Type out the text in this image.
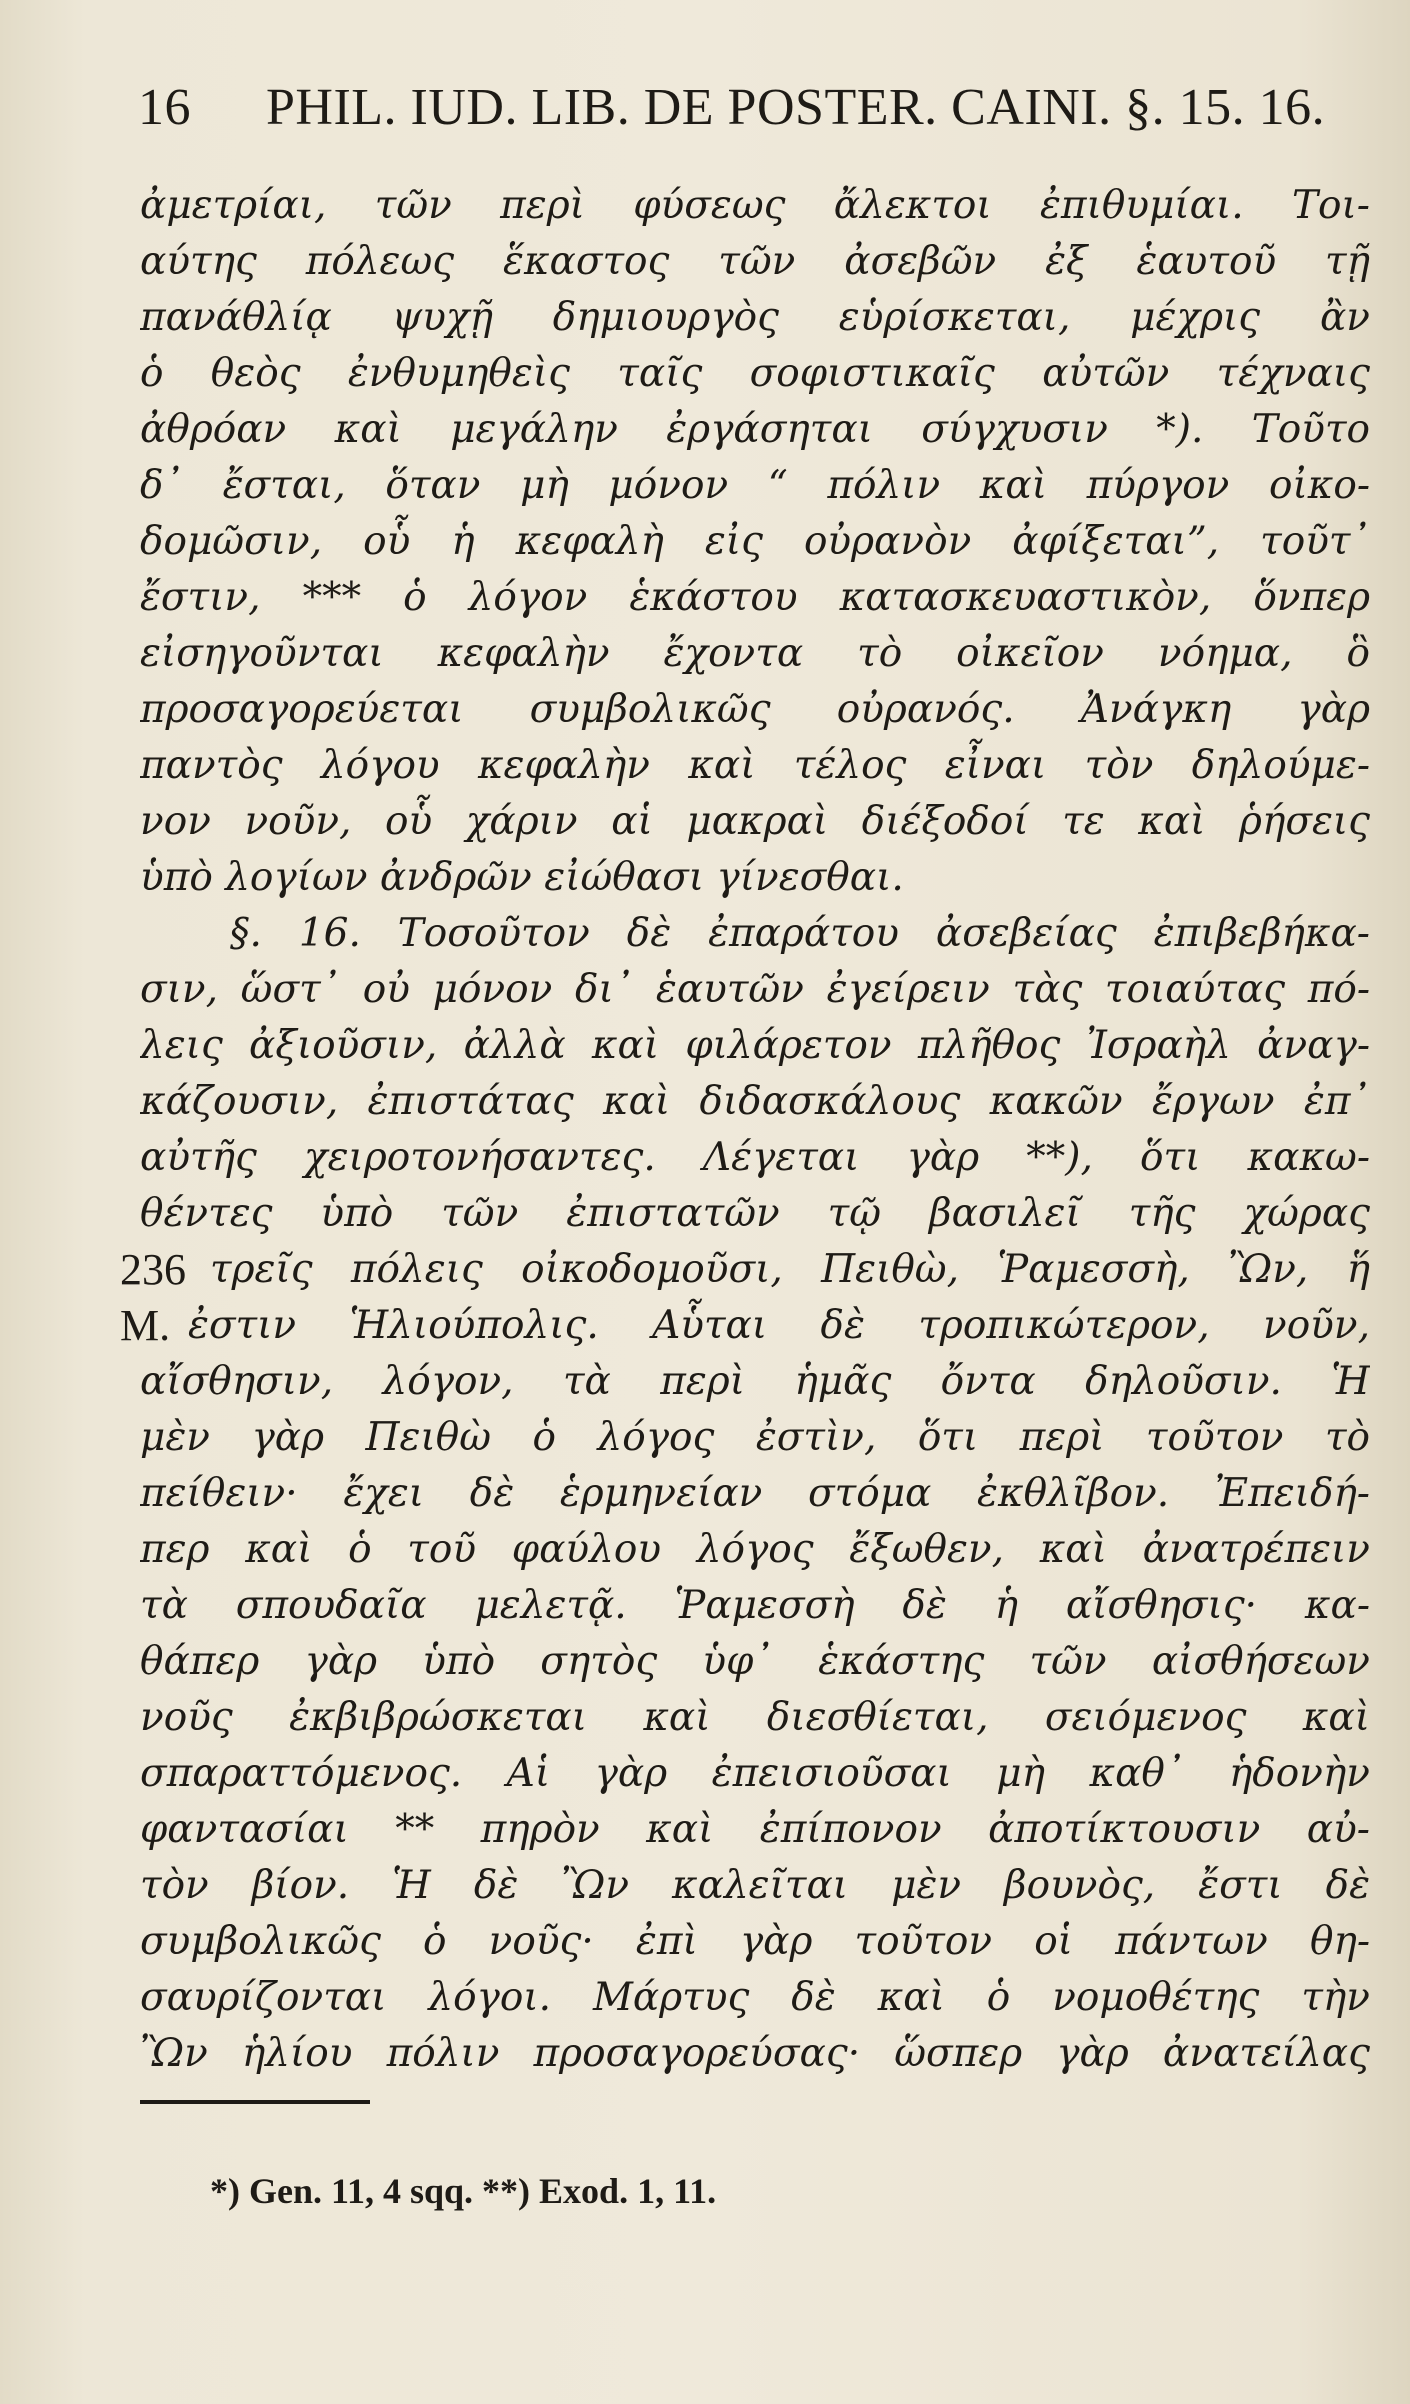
16 PHIL. IUD. LIB. DE POSTER. CAINI. §. 15. 16.
ἀμετρίαι, τῶν περὶ φύσεως ἄλεκτοι ἐπιθυμίαι. Τοι-
αύτης πόλεως ἕκαστος τῶν ἀσεβῶν ἐξ ἑαυτοῦ τῇ
πανάθλίᾳ ψυχῇ δημιουργὸς εὑρίσκεται, μέχρις ἂν
ὁ θεὸς ἐνθυμηθεὶς ταῖς σοφιστικαῖς αὐτῶν τέχναις
ἀθρόαν καὶ μεγάλην ἐργάσηται σύγχυσιν *). Τοῦτο
δ᾽ ἔσται, ὅταν μὴ μόνον “ πόλιν καὶ πύργον οἰκο-
δομῶσιν, οὗ ἡ κεφαλὴ εἰς οὐρανὸν ἀφίξεται”, τοῦτ᾽
ἔστιν, *** ὁ λόγον ἑκάστου κατασκευαστικὸν, ὅνπερ
εἰσηγοῦνται κεφαλὴν ἔχοντα τὸ οἰκεῖον νόημα, ὃ
προσαγορεύεται συμβολικῶς οὐρανός. Ἀνάγκη γὰρ
παντὸς λόγου κεφαλὴν καὶ τέλος εἶναι τὸν δηλούμε-
νον νοῦν, οὗ χάριν αἱ μακραὶ διέξοδοί τε καὶ ῥήσεις
ὑπὸ λογίων ἀνδρῶν εἰώθασι γίνεσθαι.
§. 16. Τοσοῦτον δὲ ἐπαράτου ἀσεβείας ἐπιβεβήκα-
σιν, ὥστ᾽ οὐ μόνον δι᾽ ἑαυτῶν ἐγείρειν τὰς τοιαύτας πό-
λεις ἀξιοῦσιν, ἀλλὰ καὶ φιλάρετον πλῆθος Ἰσραὴλ ἀναγ-
κάζουσιν, ἐπιστάτας καὶ διδασκάλους κακῶν ἔργων ἐπ᾽
αὐτῆς χειροτονήσαντες. Λέγεται γὰρ **), ὅτι κακω-
θέντες ὑπὸ τῶν ἐπιστατῶν τῷ βασιλεῖ τῆς χώρας
τρεῖς πόλεις οἰκοδομοῦσι, Πειθὼ, Ῥαμεσσὴ, Ὢν, ἥ
ἐστιν Ἡλιούπολις. Αὗται δὲ τροπικώτερον, νοῦν,
αἴσθησιν, λόγον, τὰ περὶ ἡμᾶς ὄντα δηλοῦσιν. Ἡ
μὲν γὰρ Πειθὼ ὁ λόγος ἐστὶν, ὅτι περὶ τοῦτον τὸ
πείθειν· ἔχει δὲ ἑρμηνείαν στόμα ἐκθλῖβον. Ἐπειδή-
περ καὶ ὁ τοῦ φαύλου λόγος ἔξωθεν, καὶ ἀνατρέπειν
τὰ σπουδαῖα μελετᾷ. Ῥαμεσσὴ δὲ ἡ αἴσθησις· κα-
θάπερ γὰρ ὑπὸ σητὸς ὑφ᾽ ἑκάστης τῶν αἰσθήσεων
νοῦς ἐκβιβρώσκεται καὶ διεσθίεται, σειόμενος καὶ
σπαραττόμενος. Αἱ γὰρ ἐπεισιοῦσαι μὴ καθ᾽ ἡδονὴν
φαντασίαι ** πηρὸν καὶ ἐπίπονον ἀποτίκτουσιν αὐ-
τὸν βίον. Ἡ δὲ Ὢν καλεῖται μὲν βουνὸς, ἔστι δὲ
συμβολικῶς ὁ νοῦς· ἐπὶ γὰρ τοῦτον οἱ πάντων θη-
σαυρίζονται λόγοι. Μάρτυς δὲ καὶ ὁ νομοθέτης τὴν
Ὢν ἡλίου πόλιν προσαγορεύσας· ὥσπερ γὰρ ἀνατείλας
236
M.
*) Gen. 11, 4 sqq. **) Exod. 1, 11.
